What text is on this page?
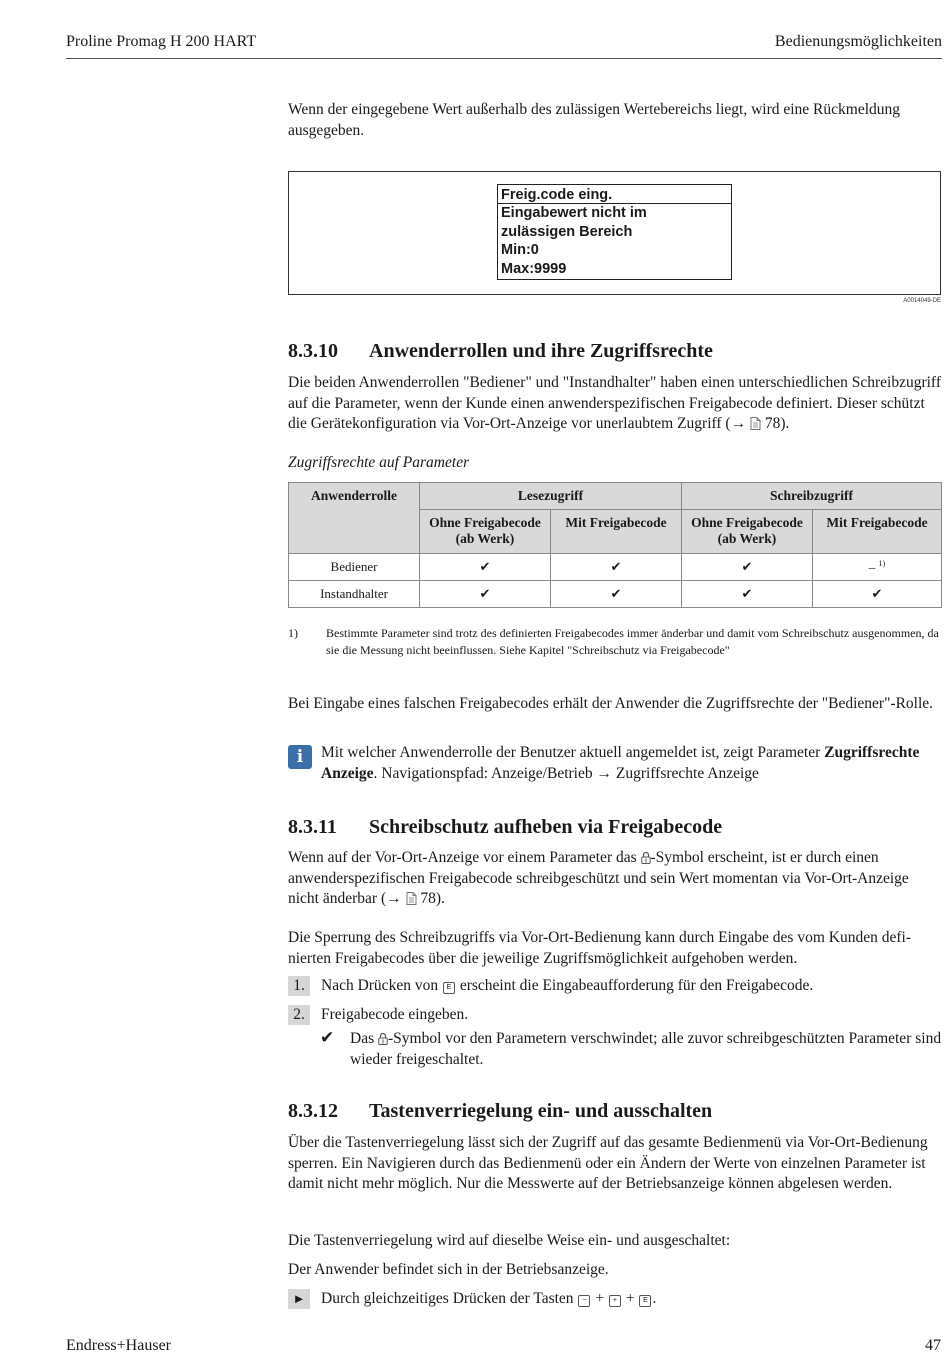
Proline Promag H 200 HART	Bedienungsmöglichkeiten
Wenn der eingegebene Wert außerhalb des zulässigen Wertebereichs liegt, wird eine Rückmeldung ausgegeben.
Freig.code eing.
Eingabewert nicht im
zulässigen Bereich
Min:0
Max:9999
A0014049-DE
8.3.10 Anwenderrollen und ihre Zugriffsrechte
Die beiden Anwenderrollen "Bediener" und "Instandhalter" haben einen unterschiedlichen Schreibzugriff auf die Parameter, wenn der Kunde einen anwenderspezifischen Freigabecode definiert. Dieser schützt die Gerätekonfiguration via Vor-Ort-Anzeige vor unerlaubtem Zugriff (→  78).
Zugriffsrechte auf Parameter
Anwenderrolle	Lesezugriff		Schreibzugriff	
	Ohne Freigabecode (ab Werk)	Mit Freigabecode	Ohne Freigabecode (ab Werk)	Mit Freigabecode
Bediener	✔	✔	✔	– $^{1)}$
Instandhalter	✔	✔	✔	✔
1) Bestimmte Parameter sind trotz des definierten Freigabecodes immer änderbar und damit vom Schreibschutz ausgenommen, da sie die Messung nicht beeinflussen. Siehe Kapitel "Schreibschutz via Freigabecode"
Bei Eingabe eines falschen Freigabecodes erhält der Anwender die Zugriffsrechte der "Bediener"-Rolle.
i	Mit welcher Anwenderrolle der Benutzer aktuell angemeldet ist, zeigt Parameter Zugriffsrechte Anzeige. Navigationspfad: Anzeige/Betrieb → Zugriffsrechte Anzeige
8.3.11 Schreibschutz aufheben via Freigabecode
Wenn auf der Vor-Ort-Anzeige vor einem Parameter das 8 -Symbol erscheint, ist er durch einen anwenderspezifischen Freigabecode schreibgeschützt und sein Wert momentan via Vor-Ort-Anzeige nicht änderbar (→  78).
Die Sperrung des Schreibzugriffs via Vor-Ort-Bedienung kann durch Eingabe des vom Kunden definierten Freigabecodes über die jeweilige Zugriffsmöglichkeit aufgehoben werden.
1.	Nach Drücken von E erscheint die Eingabeaufforderung für den Freigabecode.
2.	Freigabecode eingeben.
✔ Das 8 -Symbol vor den Parametern verschwindet; alle zuvor schreibgeschützten Parameter sind wieder freigeschaltet.
8.3.12 Tastenverriegelung ein- und ausschalten
Über die Tastenverriegelung lässt sich der Zugriff auf das gesamte Bedienmenü via Vor-Ort-Bedienung sperren. Ein Navigieren durch das Bedienmenü oder ein Ändern der Werte von einzelnen Parameter ist damit nicht mehr möglich. Nur die Messwerte auf der Betriebsanzeige können abgelesen werden.
Die Tastenverriegelung wird auf dieselbe Weise ein- und ausgeschaltet:
Der Anwender befindet sich in der Betriebsanzeige.
► Durch gleichzeitiges Drücken der Tasten − + + + E .
Endress+Hauser	47
